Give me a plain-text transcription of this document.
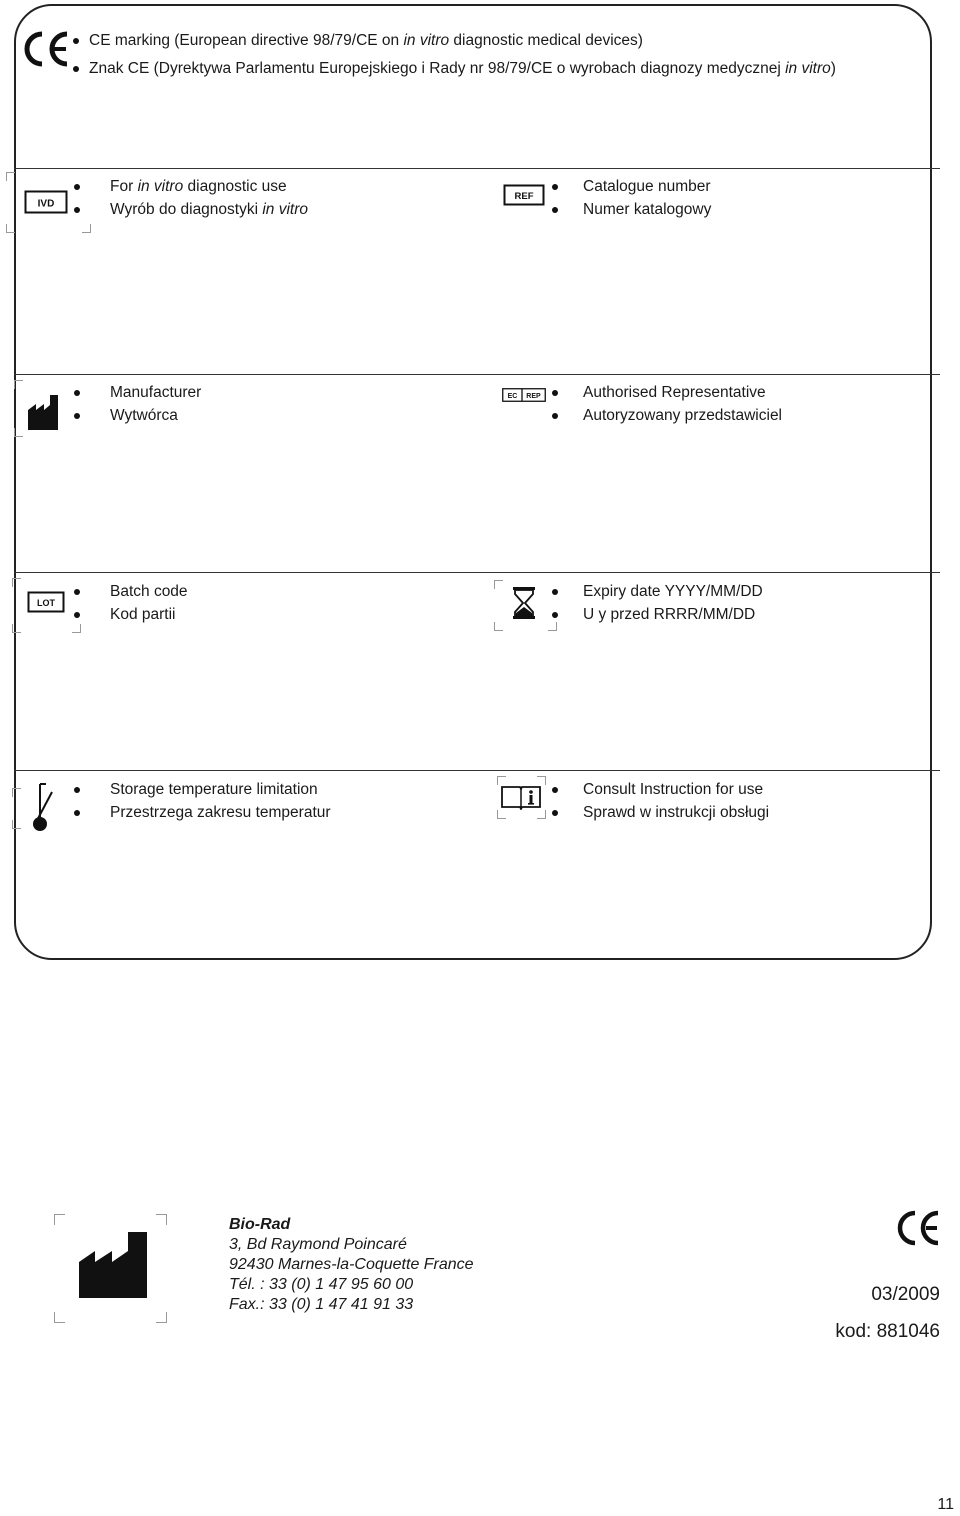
CE marking (European directive 98/79/CE on in vitro diagnostic medical devices)
Znak CE (Dyrektywa Parlamentu Europejskiego i Rady nr 98/79/CE o wyrobach diagnozy medycznej in vitro)
IVD
For in vitro diagnostic use
Wyrób do diagnostyki in vitro
REF
Catalogue number
Numer katalogowy
Manufacturer
Wytwórca
EC REP	Authorised Representative
Autoryzowany przedstawiciel
LOT
Batch code
Kod partii
Expiry date YYYY/MM/DD
U y przed RRRR/MM/DD
Storage temperature limitation
Przestrzega zakresu temperatur
Consult Instruction for use
Sprawd w instrukcji obsługi
Bio-Rad
3, Bd Raymond Poincaré
92430 Marnes-la-Coquette France
Tél. : 33 (0) 1 47 95 60 00
Fax.: 33 (0) 1 47 41 91 33	03/2009
kod: 881046
11
